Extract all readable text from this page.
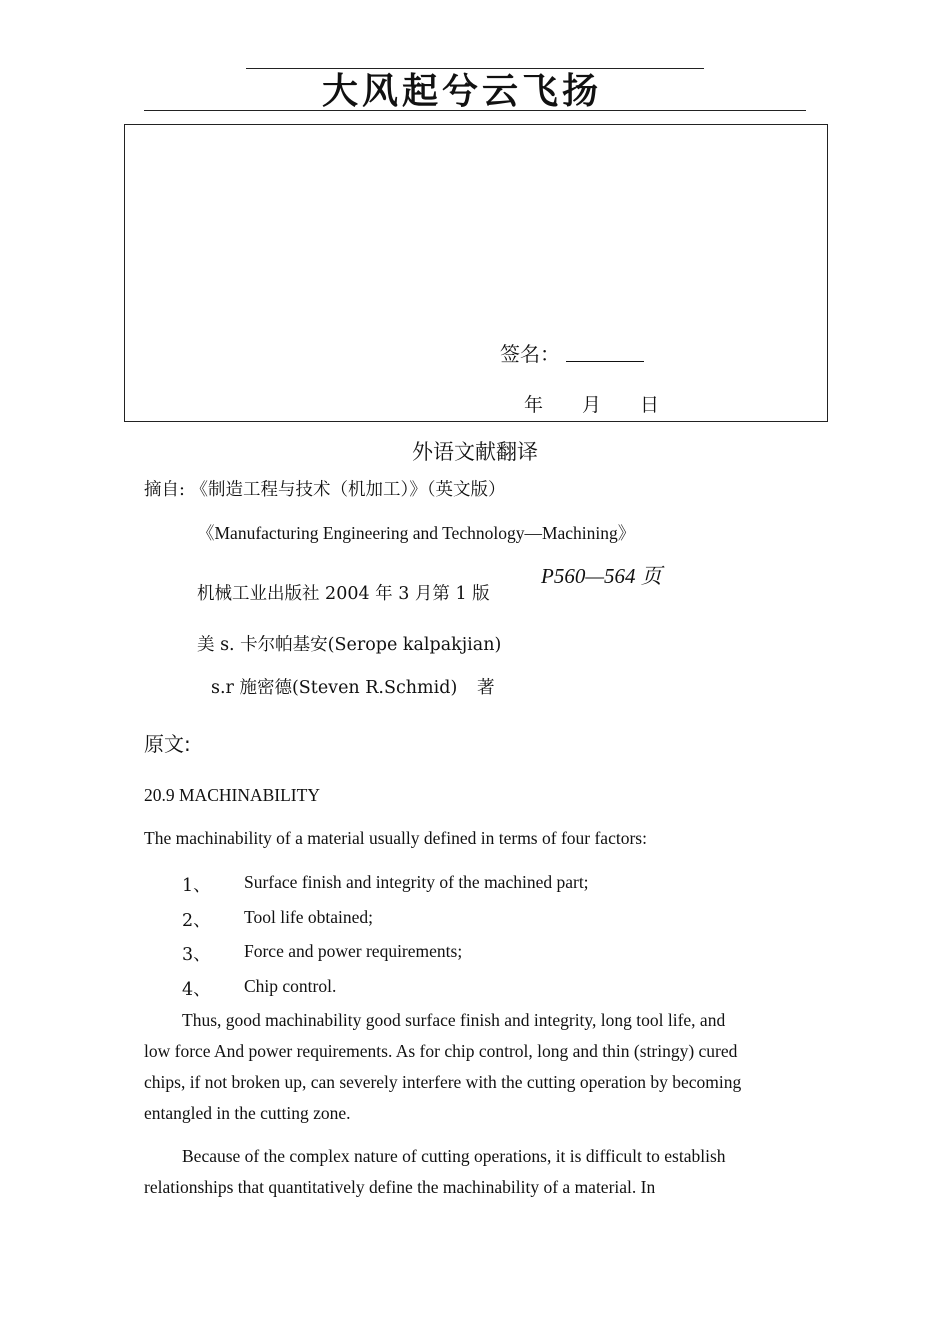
大风起兮云飞扬
签名：
年 月 日
外语文献翻译
摘自: 《制造工程与技术（机加工）》（英文版）
《Manufacturing Engineering and Technology—Machining》
机械工业出版社 2004 年 3 月第 1 版
P560—564 页
美 s. 卡尔帕基安(Serope kalpakjian)
s.r 施密德(Steven R.Schmid) 著
原文:
20.9 MACHINABILITY
The machinability of a material usually defined in terms of four factors:
1、 Surface finish and integrity of the machined part;
2、 Tool life obtained;
3、 Force and power requirements;
4、 Chip control.
Thus, good machinability good surface finish and integrity, long tool life, and
low force And power requirements. As for chip control, long and thin (stringy) cured
chips, if not broken up, can severely interfere with the cutting operation by becoming
entangled in the cutting zone.
Because of the complex nature of cutting operations, it is difficult to establish
relationships that quantitatively define the machinability of a material. In
